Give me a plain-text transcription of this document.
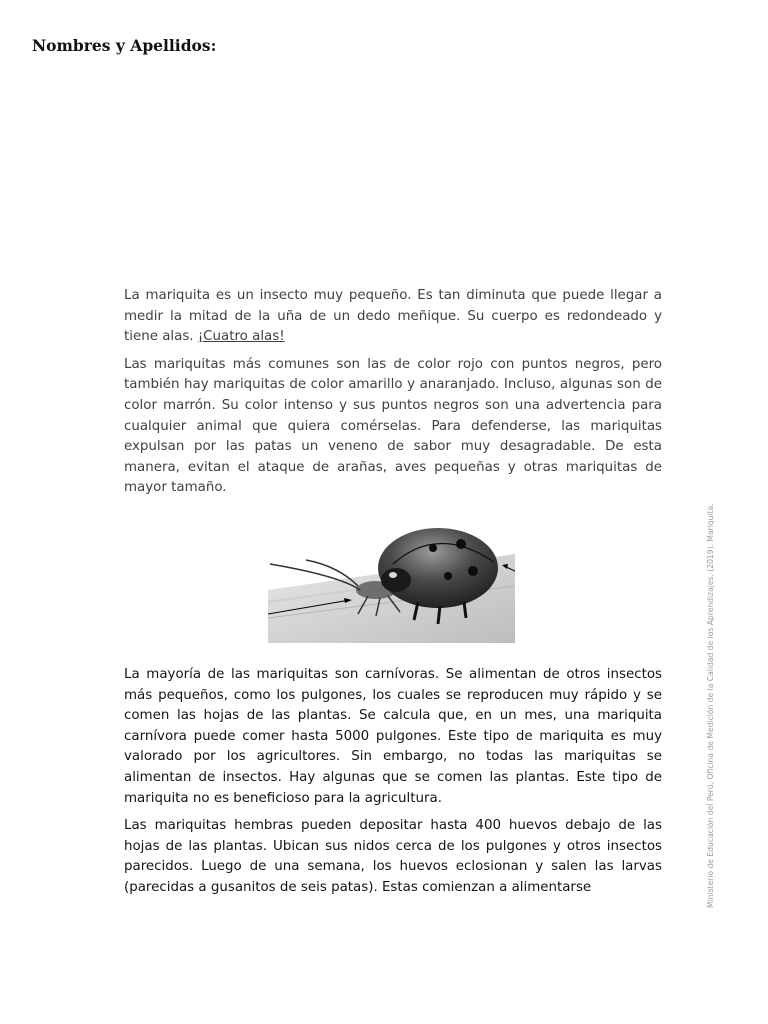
Nombres y Apellidos:

La mariquita es un insecto muy pequeño. Es tan diminuta que puede llegar a medir la mitad de la uña de un dedo meñique. Su cuerpo es redondeado y tiene alas. ¡Cuatro alas!

Las mariquitas más comunes son las de color rojo con puntos negros, pero también hay mariquitas de color amarillo y anaranjado. Incluso, algunas son de color marrón. Su color intenso y sus puntos negros son una advertencia para cualquier animal que quiera comérselas. Para defenderse, las mariquitas expulsan por las patas un veneno de sabor muy desagradable. De esta manera, evitan el ataque de arañas, aves pequeñas y otras mariquitas de mayor tamaño.

La mayoría de las mariquitas son carnívoras. Se alimentan de otros insectos más pequeños, como los pulgones, los cuales se reproducen muy rápido y se comen las hojas de las plantas. Se calcula que, en un mes, una mariquita carnívora puede comer hasta 5000 pulgones. Este tipo de mariquita es muy valorado por los agricultores. Sin embargo, no todas las mariquitas se alimentan de insectos. Hay algunas que se comen las plantas. Este tipo de mariquita no es beneficioso para la agricultura.

Las mariquitas hembras pueden depositar hasta 400 huevos debajo de las hojas de las plantas. Ubican sus nidos cerca de los pulgones y otros insectos parecidos. Luego de una semana, los huevos eclosionan y salen las larvas (parecidas a gusanitos de seis patas). Estas comienzan a alimentarse	Ministerio de Educación del Perú, Oficina de Medición de la Calidad de los Aprendizajes. (2019). Mariquita.
